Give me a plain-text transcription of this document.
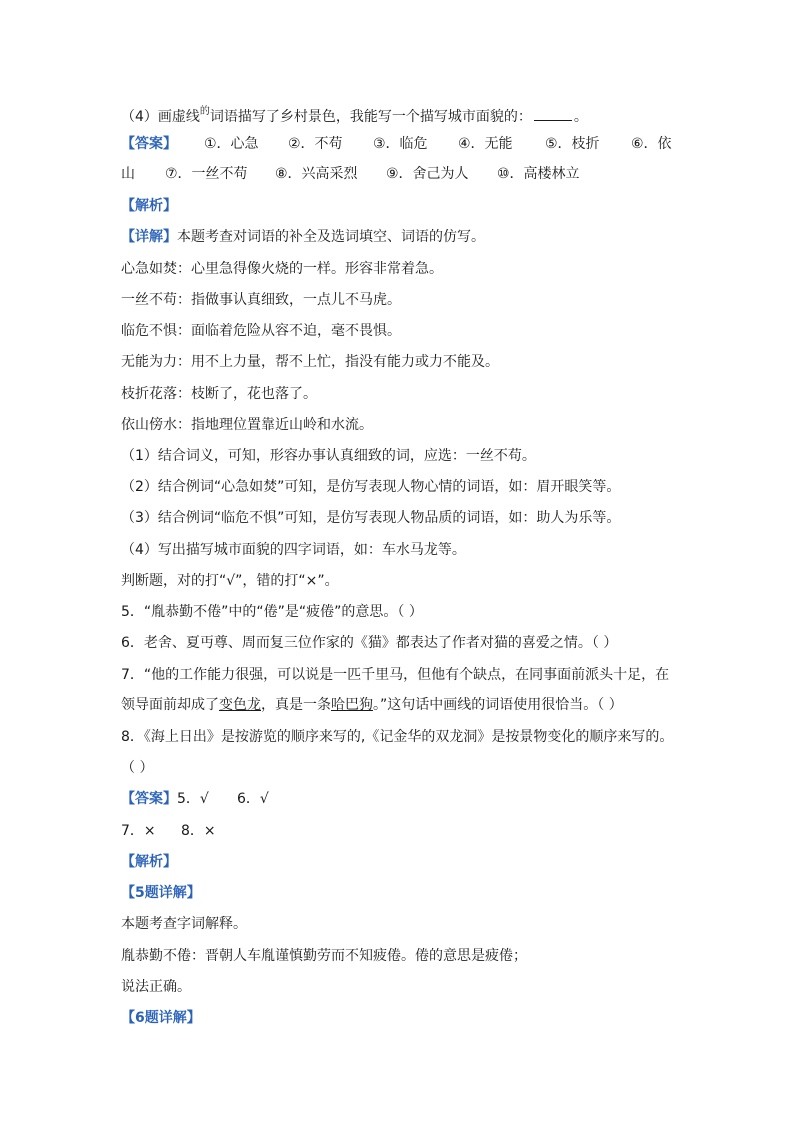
（4）画虚线$^的$词语描写了乡村景色，我能写一个描写城市面貌的：	。
【答案】 ①．心急 ②．不苟 ③．临危 ④．无能 ⑤．枝折 ⑥．依
山 ⑦．一丝不苟 ⑧．兴高采烈 ⑨．舍己为人 ⑩．高楼林立
【解析】
【详解】本题考查对词语的补全及选词填空、词语的仿写。
心急如焚：心里急得像火烧的一样。形容非常着急。
一丝不苟：指做事认真细致，一点儿不马虎。
临危不惧：面临着危险从容不迫，毫不畏惧。
无能为力：用不上力量，帮不上忙，指没有能力或力不能及。
枝折花落：枝断了，花也落了。
依山傍水：指地理位置靠近山岭和水流。
（1）结合词义，可知，形容办事认真细致的词，应选：一丝不苟。
（2）结合例词“心急如焚”可知，是仿写表现人物心情的词语，如：眉开眼笑等。
（3）结合例词“临危不惧”可知，是仿写表现人物品质的词语，如：助人为乐等。
（4）写出描写城市面貌的四字词语，如：车水马龙等。
判断题，对的打“√”，错的打“×”。
5．“胤恭勤不倦”中的“倦”是“疲倦”的意思。（ ）
6．老舍、夏丏尊、周而复三位作家的《猫》都表达了作者对猫的喜爱之情。（ ）
7．“他的工作能力很强，可以说是一匹千里马，但他有个缺点，在同事面前派头十足，在
领导面前却成了变色龙，真是一条哈巴狗。”这句话中画线的词语使用很恰当。（ ）
8．《海上日出》是按游览的顺序来写的,《记金华的双龙洞》是按景物变化的顺序来写的。
（ ）
【答案】5．√ 6．√
7．× 8．×
【解析】
【5题详解】
本题考查字词解释。
胤恭勤不倦：晋朝人车胤谨慎勤劳而不知疲倦。倦的意思是疲倦；
说法正确。
【6题详解】
